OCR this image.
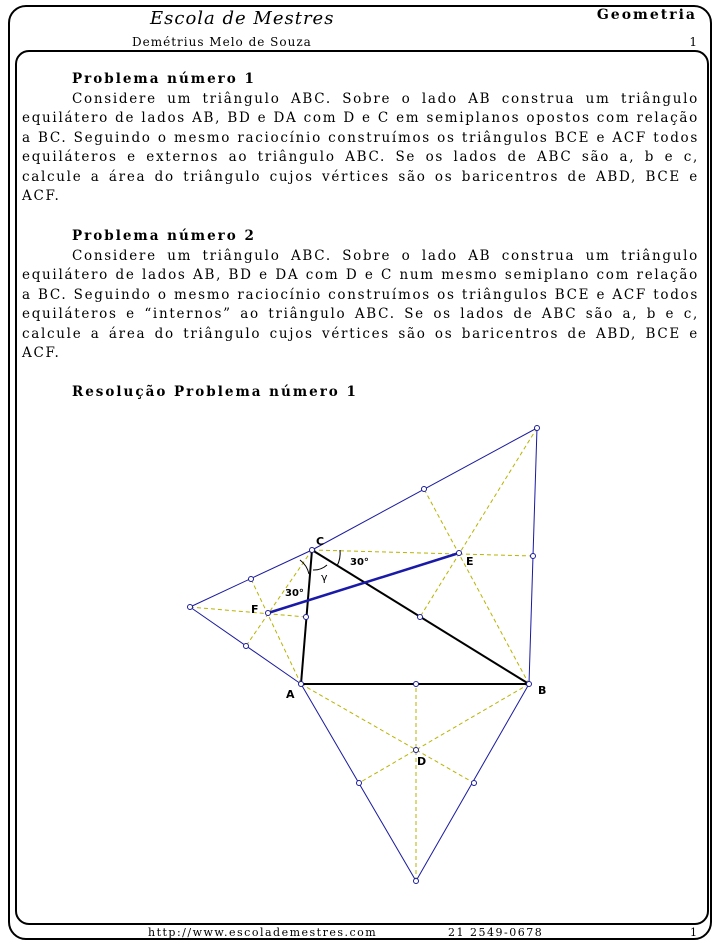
Escola de Mestres	Geometria
Demétrius Melo de Souza	1
Problema número 1
Considere um triângulo ABC. Sobre o lado AB construa um triângulo equilátero de lados AB, BD e DA com D e C em semiplanos opostos com relação a BC. Seguindo o mesmo raciocínio construímos os triângulos BCE e ACF todos equiláteros e externos ao triângulo ABC. Se os lados de ABC são a, b e c, calcule a área do triângulo cujos vértices são os baricentros de ABD, BCE e ACF.
Problema número 2
Considere um triângulo ABC. Sobre o lado AB construa um triângulo equilátero de lados AB, BD e DA com D e C num mesmo semiplano com relação a BC. Seguindo o mesmo raciocínio construímos os triângulos BCE e ACF todos equiláteros e “internos” ao triângulo ABC. Se os lados de ABC são a, b e c, calcule a área do triângulo cujos vértices são os baricentros de ABD, BCE e ACF.
Resolução Problema número 1
A	B
C
D
E
F
30°
30°
γ
http://www.escolademestres.com	21 2549-0678	1
